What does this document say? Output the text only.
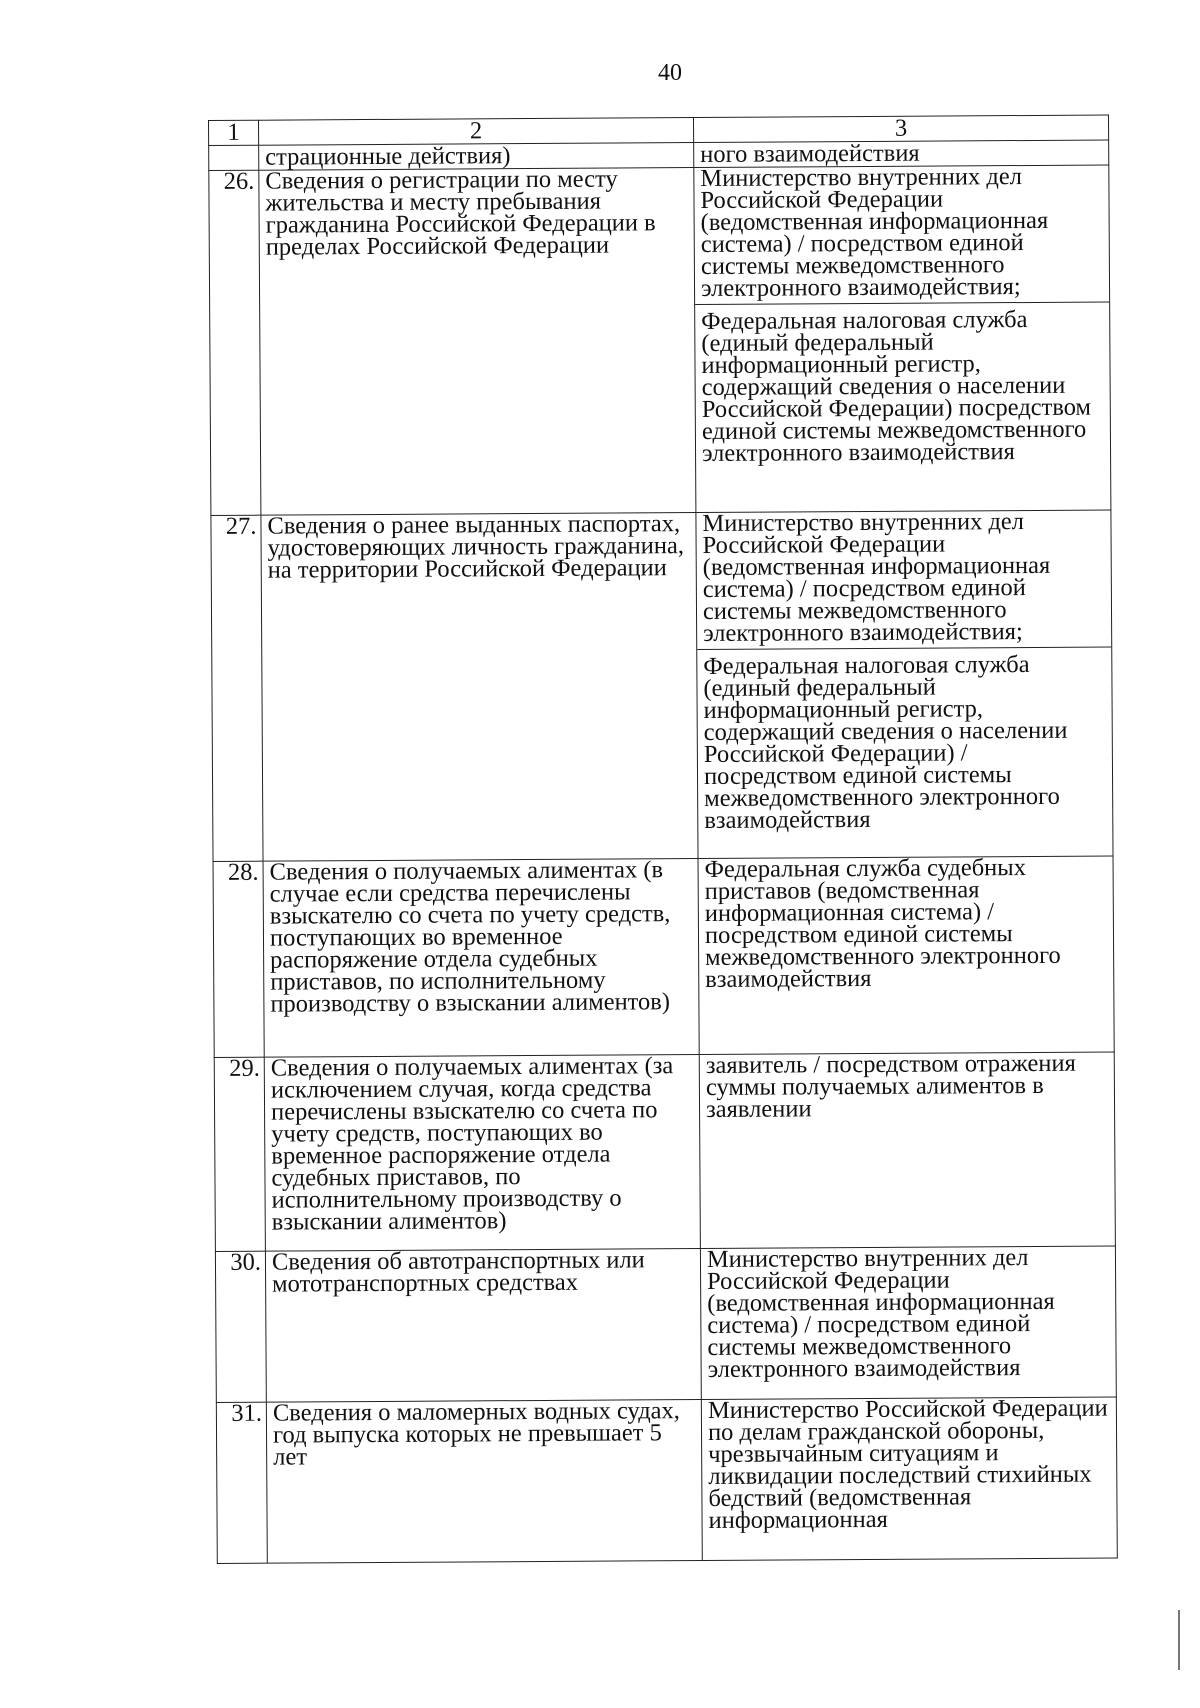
40
1	2	3
	страционные действия)	ного взаимодействия
26.	Сведения о регистрации по месту жительства и месту пребывания гражданина Российской Федерации в пределах Российской Федерации	Министерство внутренних дел Российской Федерации (ведомственная информационная система) / посредством единой системы межведомственного электронного взаимодействия;
Федеральная налоговая служба (единый федеральный информационный регистр, содержащий сведения о населении Российской Федерации) посредством единой системы межведомственного электронного взаимодействия

27.	Сведения о ранее выданных паспортах, удостоверяющих личность гражданина, на территории Российской Федерации	Министерство внутренних дел Российской Федерации (ведомственная информационная система) / посредством единой системы межведомственного электронного взаимодействия;
Федеральная налоговая служба (единый федеральный информационный регистр, содержащий сведения о населении Российской Федерации) / посредством единой системы межведомственного электронного взаимодействия

28.	Сведения о получаемых алиментах (в случае если средства перечислены взыскателю со счета по учету средств, поступающих во временное распоряжение отдела судебных приставов, по исполнительному производству о взыскании алиментов)	Федеральная служба судебных приставов (ведомственная информационная система) / посредством единой системы межведомственного электронного взаимодействия

29.	Сведения о получаемых алиментах (за исключением случая, когда средства перечислены взыскателю со счета по учету средств, поступающих во временное распоряжение отдела судебных приставов, по исполнительному производству о взыскании алиментов)	заявитель / посредством отражения суммы получаемых алиментов в заявлении

30.	Сведения об автотранспортных или мототранспортных средствах	Министерство внутренних дел Российской Федерации (ведомственная информационная система) / посредством единой системы межведомственного электронного взаимодействия

31.	Сведения о маломерных водных судах, год выпуска которых не превышает 5 лет	Министерство Российской Федерации по делам гражданской обороны, чрезвычайным ситуациям и ликвидации последствий стихийных бедствий (ведомственная информационная
